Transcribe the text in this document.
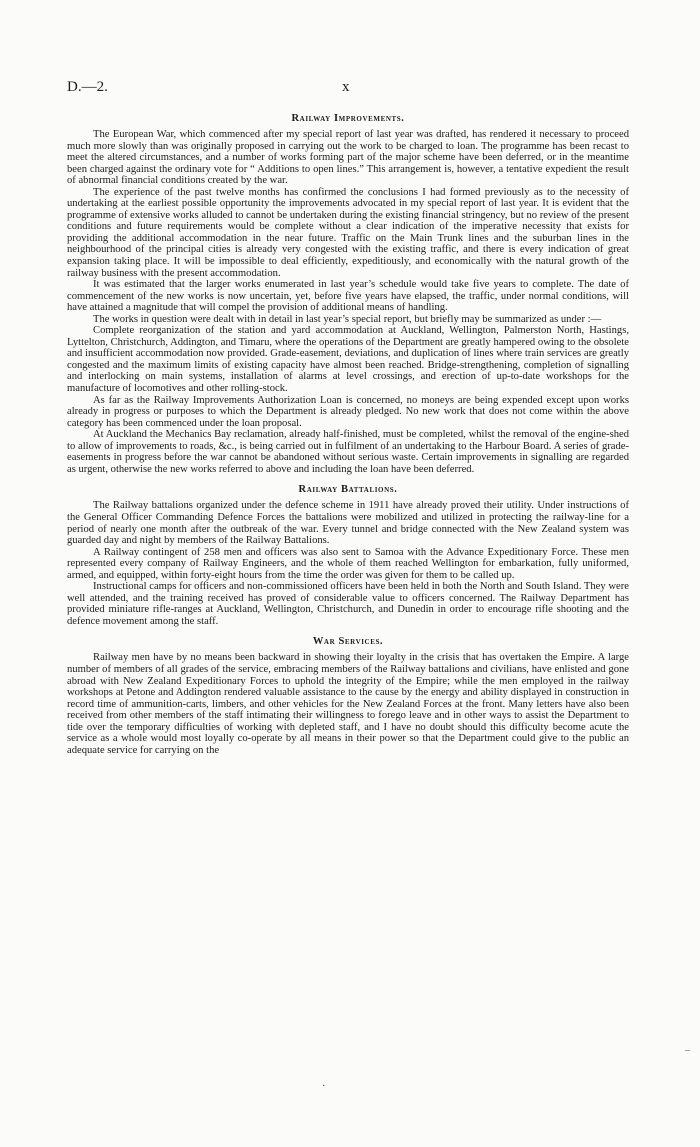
D.—2.	x
Railway Improvements.

The European War, which commenced after my special report of last year was drafted, has rendered it necessary to proceed much more slowly than was originally proposed in carrying out the work to be charged to loan. The programme has been recast to meet the altered circumstances, and a number of works forming part of the major scheme have been deferred, or in the meantime been charged against the ordinary vote for “ Additions to open lines.” This arrangement is, however, a tentative expedient the result of abnormal financial conditions created by the war.

The experience of the past twelve months has confirmed the conclusions I had formed previously as to the necessity of undertaking at the earliest possible opportunity the improvements advocated in my special report of last year. It is evident that the programme of extensive works alluded to cannot be undertaken during the existing financial stringency, but no review of the present conditions and future requirements would be complete without a clear indication of the imperative necessity that exists for providing the additional accommodation in the near future. Traffic on the Main Trunk lines and the suburban lines in the neighbourhood of the principal cities is already very congested with the existing traffic, and there is every indication of great expansion taking place. It will be impossible to deal efficiently, expeditiously, and economically with the natural growth of the railway business with the present accommodation.

It was estimated that the larger works enumerated in last year’s schedule would take five years to complete. The date of commencement of the new works is now uncertain, yet, before five years have elapsed, the traffic, under normal conditions, will have attained a magnitude that will compel the provision of additional means of handling.

The works in question were dealt with in detail in last year’s special report, but briefly may be summarized as under :—

Complete reorganization of the station and yard accommodation at Auckland, Wellington, Palmerston North, Hastings, Lyttelton, Christchurch, Addington, and Timaru, where the operations of the Department are greatly hampered owing to the obsolete and insufficient accommodation now provided. Grade-easement, deviations, and duplication of lines where train services are greatly congested and the maximum limits of existing capacity have almost been reached. Bridge-strengthening, completion of signalling and interlocking on main systems, installation of alarms at level crossings, and erection of up-to-date workshops for the manufacture of locomotives and other rolling-stock.

As far as the Railway Improvements Authorization Loan is concerned, no moneys are being expended except upon works already in progress or purposes to which the Department is already pledged. No new work that does not come within the above category has been commenced under the loan proposal.

At Auckland the Mechanics Bay reclamation, already half-finished, must be completed, whilst the removal of the engine-shed to allow of improvements to roads, &c., is being carried out in fulfilment of an undertaking to the Harbour Board. A series of grade-easements in progress before the war cannot be abandoned without serious waste. Certain improvements in signalling are regarded as urgent, otherwise the new works referred to above and including the loan have been deferred.

Railway Battalions.

The Railway battalions organized under the defence scheme in 1911 have already proved their utility. Under instructions of the General Officer Commanding Defence Forces the battalions were mobilized and utilized in protecting the railway-line for a period of nearly one month after the outbreak of the war. Every tunnel and bridge connected with the New Zealand system was guarded day and night by members of the Railway Battalions.

A Railway contingent of 258 men and officers was also sent to Samoa with the Advance Expeditionary Force. These men represented every company of Railway Engineers, and the whole of them reached Wellington for embarkation, fully uniformed, armed, and equipped, within forty-eight hours from the time the order was given for them to be called up.

Instructional camps for officers and non-commissioned officers have been held in both the North and South Island. They were well attended, and the training received has proved of considerable value to officers concerned. The Railway Department has provided miniature rifle-ranges at Auckland, Wellington, Christchurch, and Dunedin in order to encourage rifle shooting and the defence movement among the staff.

War Services.

Railway men have by no means been backward in showing their loyalty in the crisis that has overtaken the Empire. A large number of members of all grades of the service, embracing members of the Railway battalions and civilians, have enlisted and gone abroad with New Zealand Expeditionary Forces to uphold the integrity of the Empire; while the men employed in the railway workshops at Petone and Addington rendered valuable assistance to the cause by the energy and ability displayed in construction in record time of ammunition-carts, limbers, and other vehicles for the New Zealand Forces at the front. Many letters have also been received from other members of the staff intimating their willingness to forego leave and in other ways to assist the Department to tide over the temporary difficulties of working with depleted staff, and I have no doubt should this difficulty become acute the service as a whole would most loyally co-operate by all means in their power so that the Department could give to the public an adequate service for carrying on the

·
–
